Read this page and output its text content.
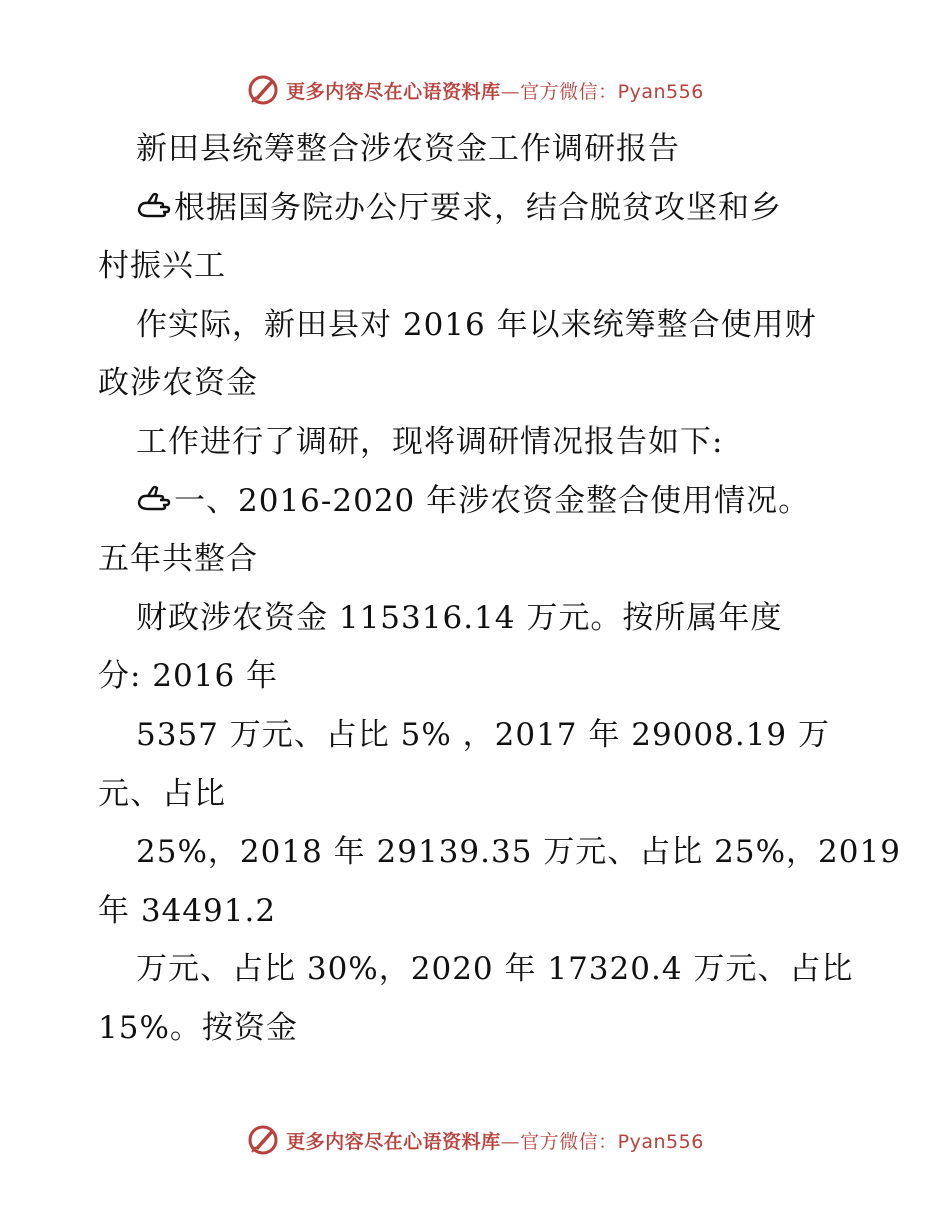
更多内容尽在心语资料库—官方微信：Pyan556
新田县统筹整合涉农资金工作调研报告
根据国务院办公厅要求，结合脱贫攻坚和乡
村振兴工
作实际，新田县对 2016 年以来统筹整合使用财
政涉农资金
工作进行了调研，现将调研情况报告如下:
一、2016-2020 年涉农资金整合使用情况。
五年共整合
财政涉农资金 115316.14 万元。按所属年度
分: 2016 年
5357 万元、占比 5% ，2017 年 29008.19 万
元、占比
25%，2018 年 29139.35 万元、占比 25%，2019
年 34491.2
万元、占比 30%，2020 年 17320.4 万元、占比
15%。按资金
更多内容尽在心语资料库—官方微信：Pyan556
